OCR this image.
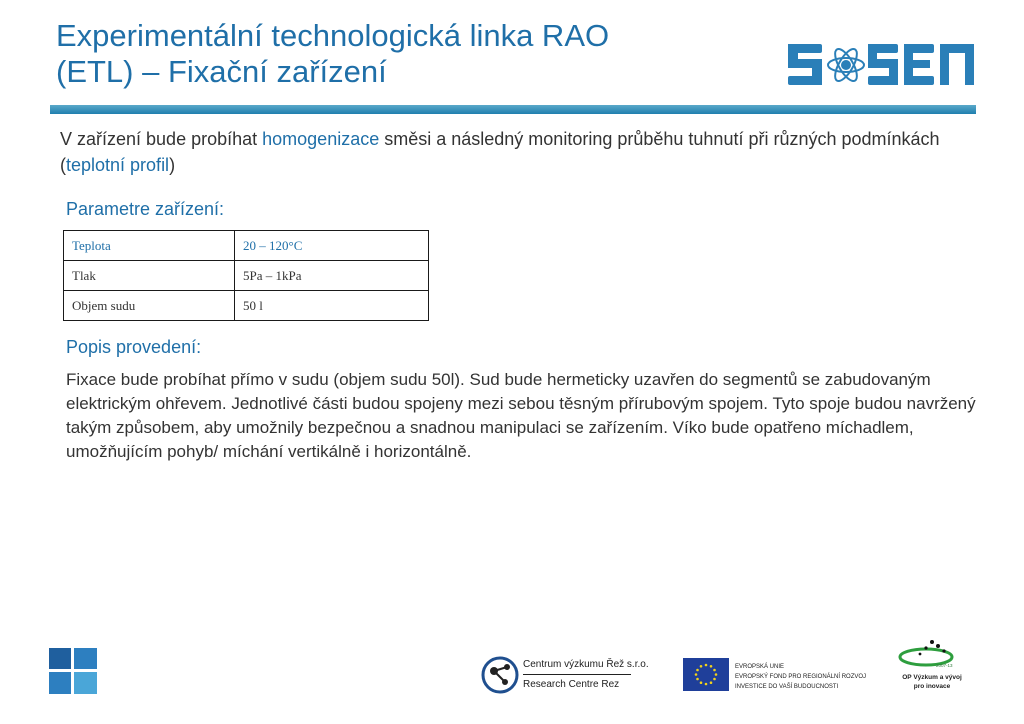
Experimentální technologická linka RAO
(ETL) – Fixační zařízení
V zařízení bude probíhat homogenizace směsi a následný monitoring průběhu tuhnutí při různých podmínkách (teplotní profil)
Parametre zařízení:
Teplota	20 – 120°C
Tlak	5Pa – 1kPa
Objem sudu	50 l
Popis provedení:
Fixace bude probíhat přímo v sudu (objem sudu 50l). Sud bude hermeticky uzavřen do segmentů se zabudovaným elektrickým ohřevem. Jednotlivé části budou spojeny mezi sebou těsným přírubovým spojem. Tyto spoje budou navržený takým způsobem, aby umožnily bezpečnou a snadnou manipulaci se zařízením. Víko bude opatřeno míchadlem, umožňujícím pohyb/ míchání vertikálně i horizontálně.
Centrum výzkumu Řež s.r.o.
Research Centre Rez
EVROPSKÁ UNIE
EVROPSKÝ FOND PRO REGIONÁLNÍ ROZVOJ
INVESTICE DO VAŠÍ BUDOUCNOSTI
2007-13
OP Výzkum a vývoj
pro inovace
